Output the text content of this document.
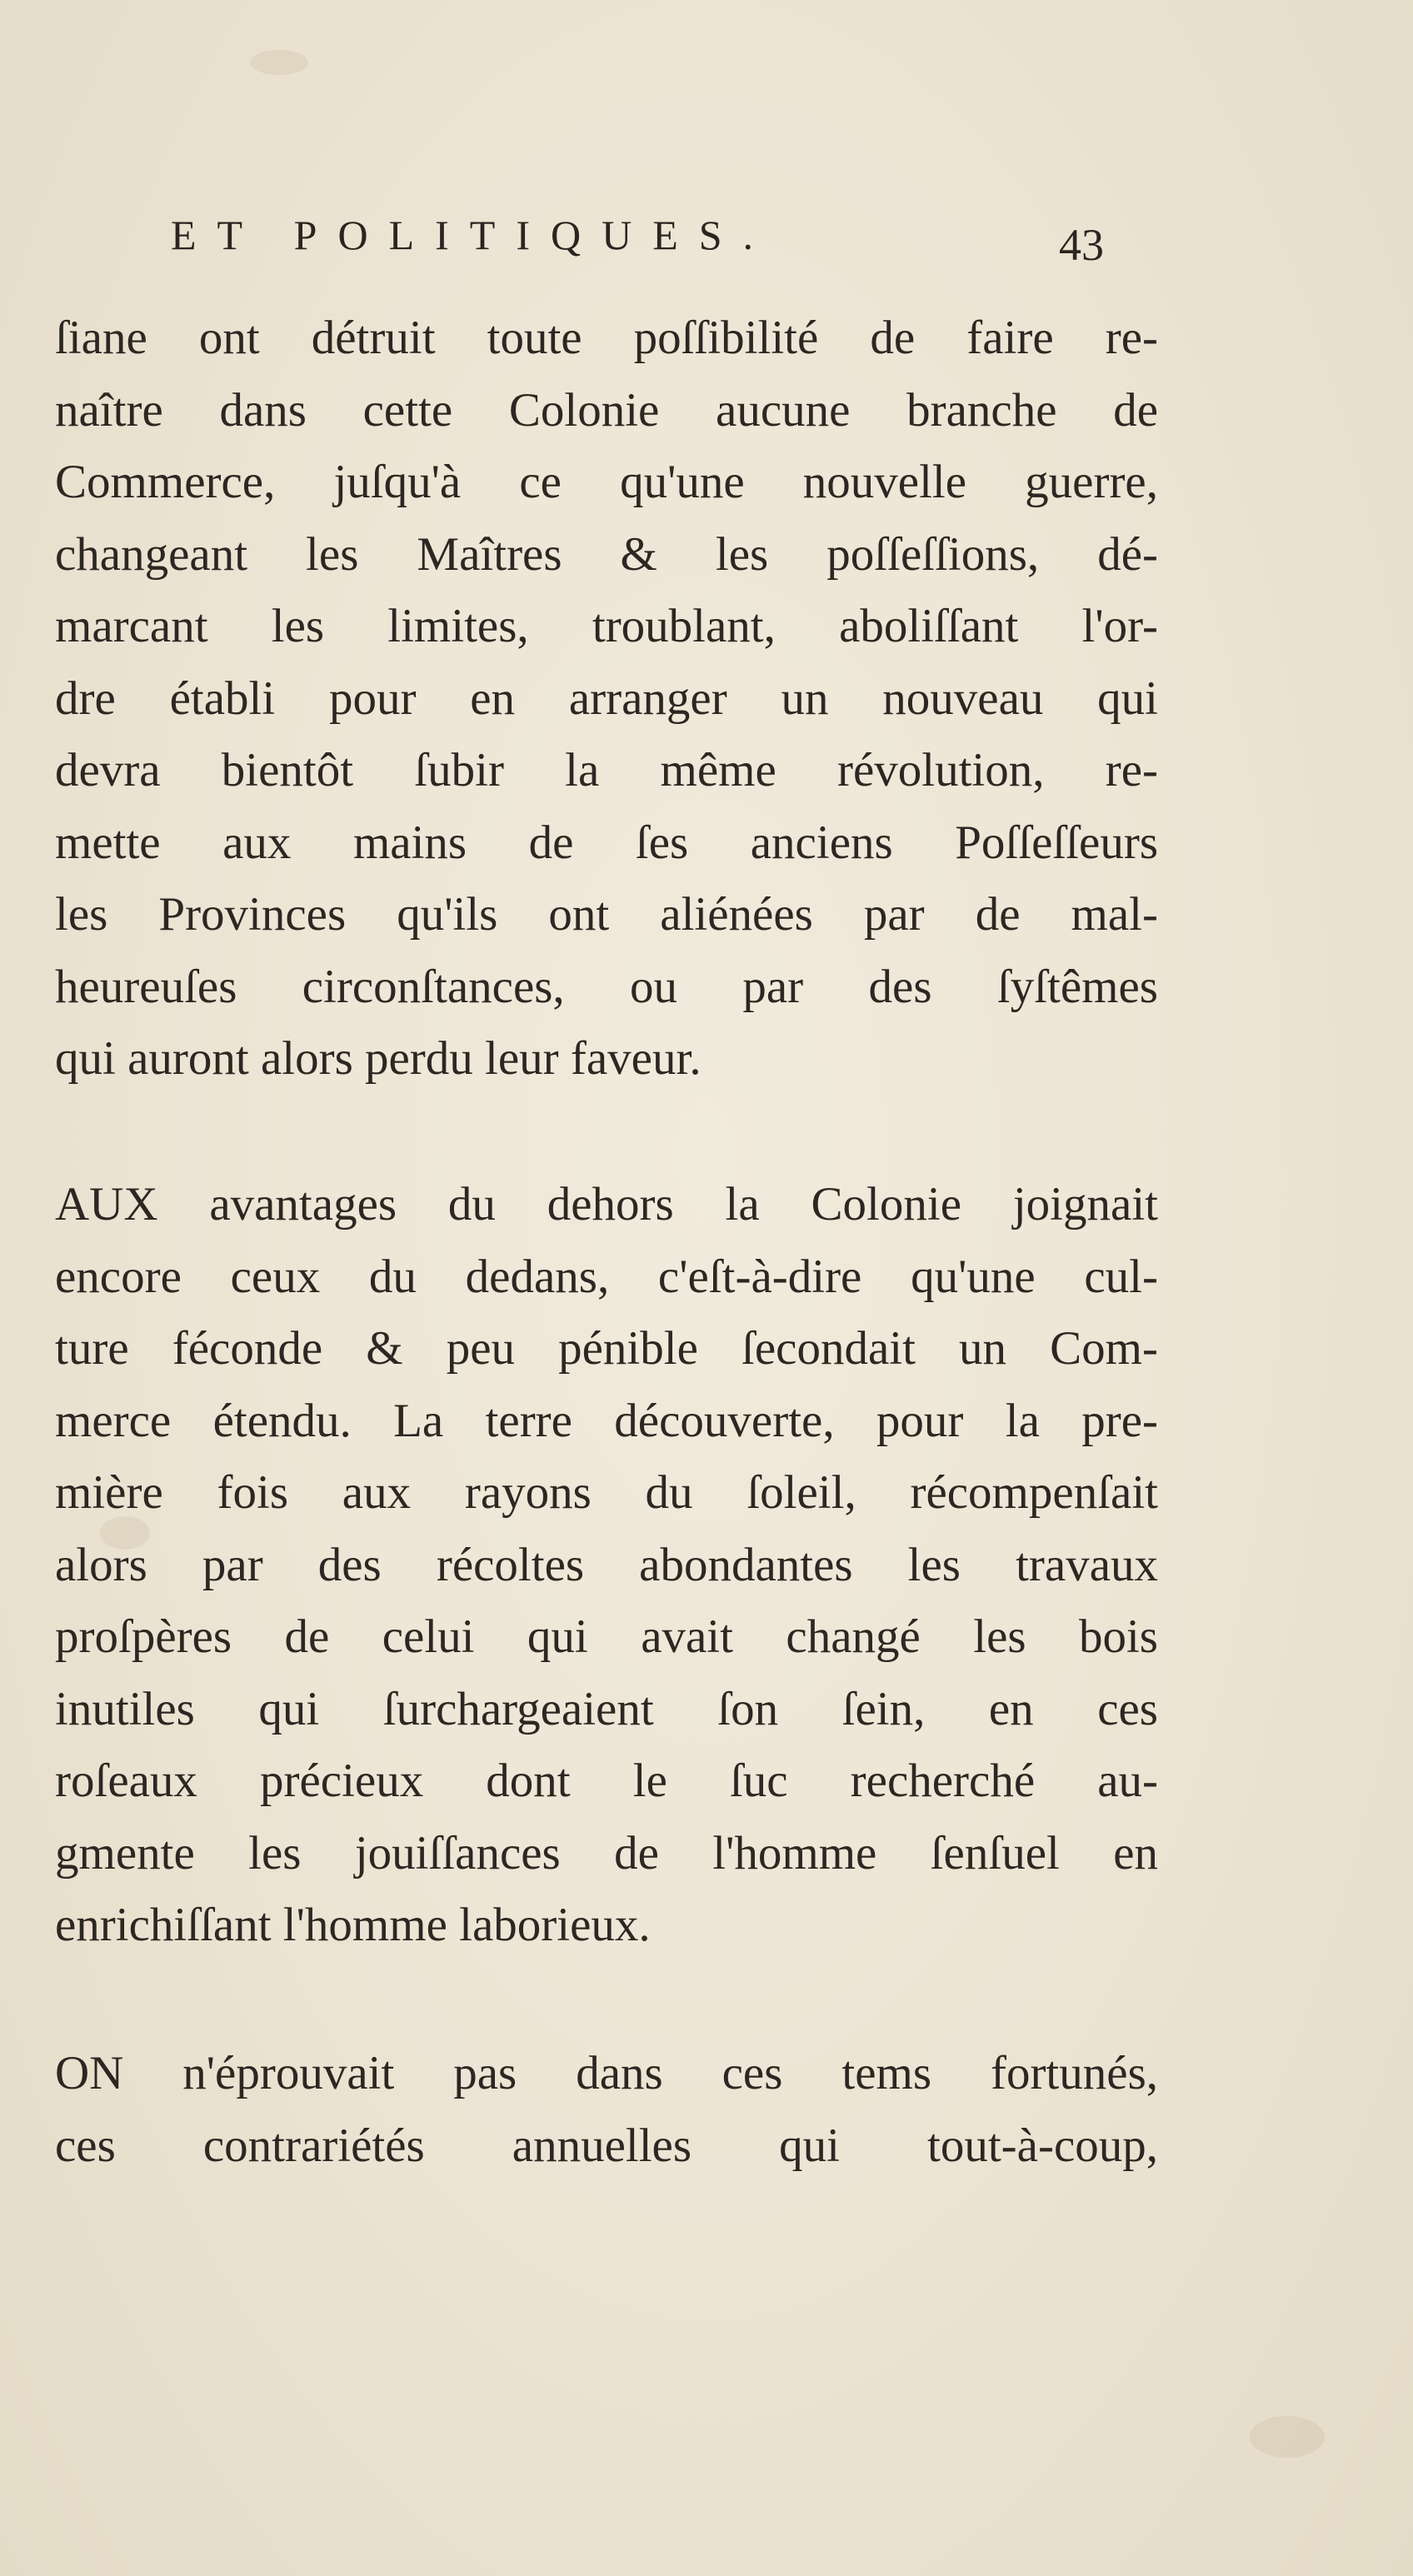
ET POLITIQUES.	43
ſiane ont détruit toute poſſibilité de faire re-
naître dans cette Colonie aucune branche de
Commerce, juſqu'à ce qu'une nouvelle guerre,
changeant les Maîtres & les poſſeſſions, dé-
marcant les limites, troublant, aboliſſant l'or-
dre établi pour en arranger un nouveau qui
devra bientôt ſubir la même révolution, re-
mette aux mains de ſes anciens Poſſeſſeurs
les Provinces qu'ils ont aliénées par de mal-
heureuſes circonſtances, ou par des ſyſtêmes
qui auront alors perdu leur faveur.
AUX avantages du dehors la Colonie joignait
encore ceux du dedans, c'eſt-à-dire qu'une cul-
ture féconde & peu pénible ſecondait un Com-
merce étendu. La terre découverte, pour la pre-
mière fois aux rayons du ſoleil, récompenſait
alors par des récoltes abondantes les travaux
proſpères de celui qui avait changé les bois
inutiles qui ſurchargeaient ſon ſein, en ces
roſeaux précieux dont le ſuc recherché au-
gmente les jouiſſances de l'homme ſenſuel en
enrichiſſant l'homme laborieux.
ON n'éprouvait pas dans ces tems fortunés,
ces contrariétés annuelles qui tout-à-coup,
